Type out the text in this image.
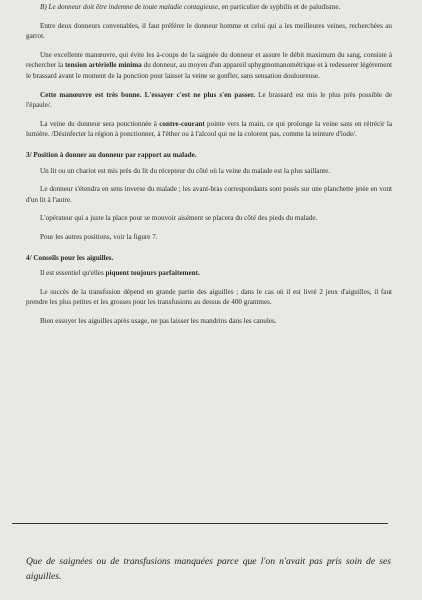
B) Le donneur doit être indemne de toute maladie contagieuse, en particulier de syphilis et de paludisme.

Entre deux donneurs convenables, il faut préférer le donneur homme et celui qui a les meilleures veines, recherchées au garrot.

Une excellente manœuvre, qui évite les à-coups de la saignée du donneur et assure le débit maximum du sang, consiste à rechercher la tension artérielle minima du donneur, au moyen d'un appareil sphygmomanométrique et à redesserer légèrement le brassard avant le moment de la ponction pour laisser la veine se gonfler, sans sensation douloureuse.

Cette manœuvre est très bonne. L'essayer c'est ne plus s'en passer. Le brassard est mis le plus près possible de l'épaule/.

La veine du donneur sera ponctionnée à contre-courant pointe vers la main, ce qui prolonge la veine sans en rétrécir la lumière. /Désinfecter la région à ponctionner, à l'éther ou à l'alcool qui ne la colorent pas, comme la teinture d'iode/.

3/ Position à donner au donneur par rapport au malade.

Un lit ou un chariot est mis près du lit du récepteur du côté où la veine du malade est la plus saillante.

Le donneur s'étendra en sens inverse du malade ; les avant-bras correspondants sont posés sur une planchette jetée en vont d'un lit à l'autre.

L'opérateur qui a juste la place pour se mouvoir aisément se placera du côté des pieds du malade.

Pour les autres positions, voir la figure 7.

4/ Conseils pour les aiguilles.

Il est essentiel qu'elles piquent toujours parfaitement.

Le succès de la transfusion dépend en grande partie des aiguilles ; dans le cas où il est livré 2 jeux d'aiguilles, il faut prendre les plus petites et les grosses pour les transfusions au dessus de 400 grammes.

Bien essuyer les aiguilles après usage, ne pas laisser les mandrins dans les canules.

Que de saignées ou de transfusions manquées parce que l'on n'avait pas pris soin de ses aiguilles.
